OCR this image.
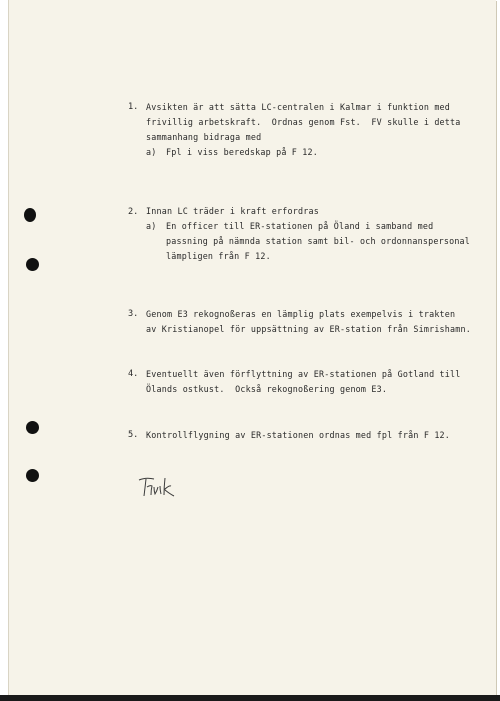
1. Avsikten är att sätta LC-centralen i Kalmar i funktion med
frivillig arbetskraft.  Ordnas genom Fst.  FV skulle i detta
sammanhang bidraga med
a) Fpl i viss beredskap på F 12.
2. Innan LC träder i kraft erfordras
a) En officer till ER-stationen på Öland i samband med
passning på nämnda station samt bil- och ordonnanspersonal
lämpligen från F 12.
3. Genom E3 rekognoßeras en lämplig plats exempelvis i trakten
av Kristianopel för uppsättning av ER-station från Simrishamn.
4. Eventuellt även förflyttning av ER-stationen på Gotland till
Ölands ostkust.  Också rekognoßering genom E3.
5. Kontrollflygning av ER-stationen ordnas med fpl från F 12.
